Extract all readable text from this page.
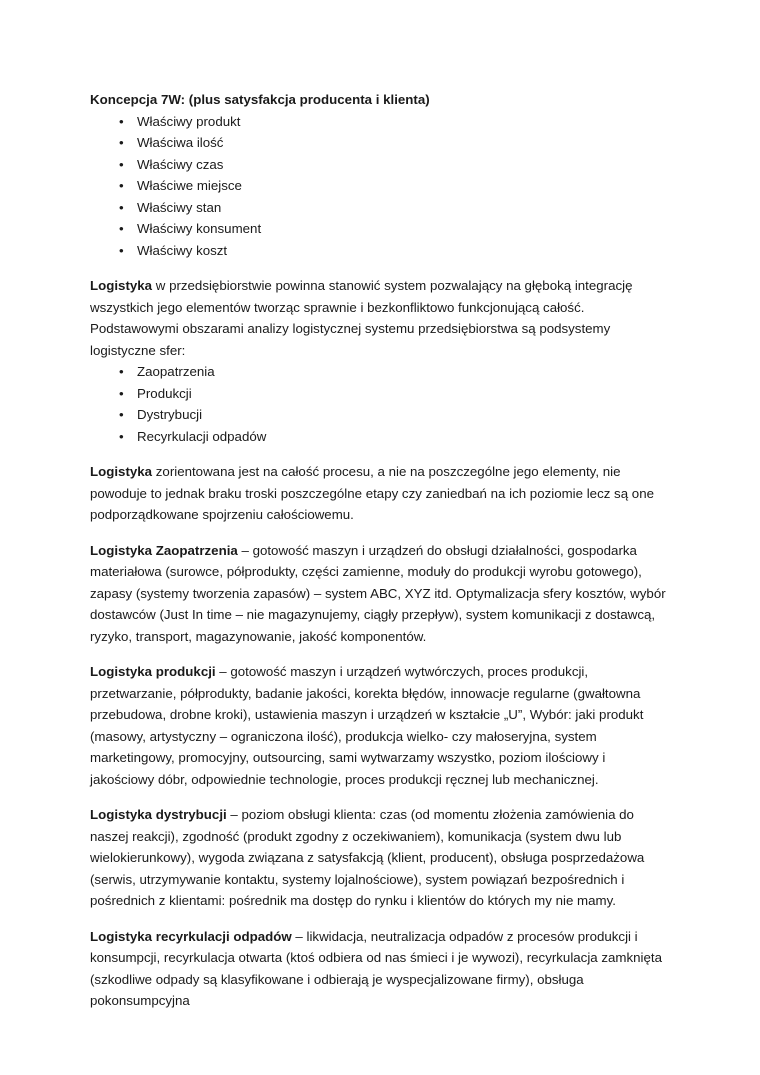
Koncepcja 7W: (plus satysfakcja producenta i klienta)

• Właściwy produkt
• Właściwa ilość
• Właściwy czas
• Właściwe miejsce
• Właściwy stan
• Właściwy konsument
• Właściwy koszt

Logistyka w przedsiębiorstwie powinna stanowić system pozwalający na głęboką integrację wszystkich jego elementów tworząc sprawnie i bezkonfliktowo funkcjonującą całość. Podstawowymi obszarami analizy logistycznej systemu przedsiębiorstwa są podsystemy logistyczne sfer:

• Zaopatrzenia
• Produkcji
• Dystrybucji
• Recyrkulacji odpadów

Logistyka zorientowana jest na całość procesu, a nie na poszczególne jego elementy, nie powoduje to jednak braku troski poszczególne etapy czy zaniedbań na ich poziomie lecz są one podporządkowane spojrzeniu całościowemu.

Logistyka Zaopatrzenia – gotowość maszyn i urządzeń do obsługi działalności, gospodarka materiałowa (surowce, półprodukty, części zamienne, moduły do produkcji wyrobu gotowego), zapasy (systemy tworzenia zapasów) – system ABC, XYZ itd. Optymalizacja sfery kosztów, wybór dostawców (Just In time – nie magazynujemy, ciągły przepływ), system komunikacji z dostawcą, ryzyko, transport, magazynowanie, jakość komponentów.

Logistyka produkcji – gotowość maszyn i urządzeń wytwórczych, proces produkcji, przetwarzanie, półprodukty, badanie jakości, korekta błędów, innowacje regularne (gwałtowna przebudowa, drobne kroki), ustawienia maszyn i urządzeń w kształcie „U”, Wybór: jaki produkt (masowy, artystyczny – ograniczona ilość), produkcja wielko- czy małoseryjna, system marketingowy, promocyjny, outsourcing, sami wytwarzamy wszystko, poziom ilościowy i jakościowy dóbr, odpowiednie technologie, proces produkcji ręcznej lub mechanicznej.

Logistyka dystrybucji – poziom obsługi klienta: czas (od momentu złożenia zamówienia do naszej reakcji), zgodność (produkt zgodny z oczekiwaniem), komunikacja (system dwu lub wielokierunkowy), wygoda związana z satysfakcją (klient, producent), obsługa posprzedażowa (serwis, utrzymywanie kontaktu, systemy lojalnościowe), system powiązań bezpośrednich i pośrednich z klientami: pośrednik ma dostęp do rynku i klientów do których my nie mamy.

Logistyka recyrkulacji odpadów – likwidacja, neutralizacja odpadów z procesów produkcji i konsumpcji, recyrkulacja otwarta (ktoś odbiera od nas śmieci i je wywozi), recyrkulacja zamknięta (szkodliwe odpady są klasyfikowane i odbierają je wyspecjalizowane firmy), obsługa pokonsumpcyjna
